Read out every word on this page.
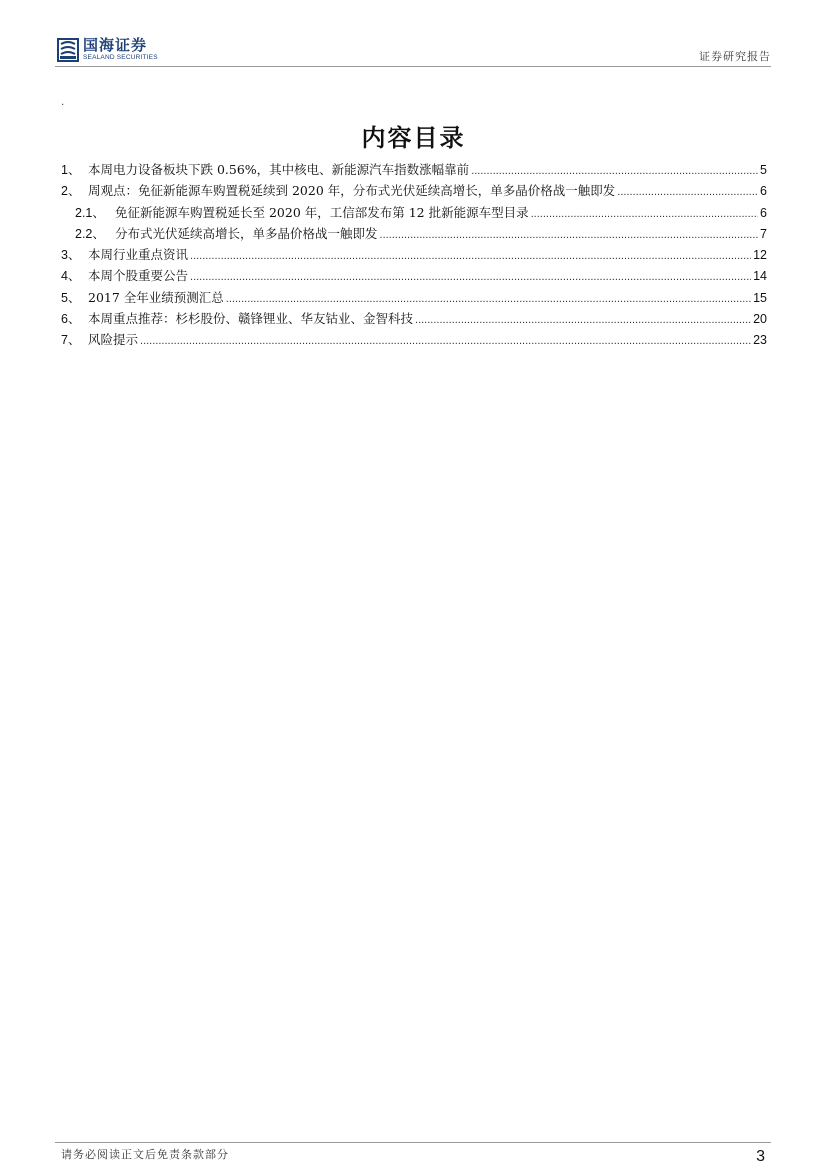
国海证券
SEALAND SECURITIES	证券研究报告
.
内容目录
1、 本周电力设备板块下跌 0.56%，其中核电、新能源汽车指数涨幅靠前 .....	5
2、 周观点：免征新能源车购置税延续到 2020 年，分布式光伏延续高增长，单多晶价格战一触即发 .....	6
2.1、 免征新能源车购置税延长至 2020 年，工信部发布第 12 批新能源车型目录 .....	6
2.2、 分布式光伏延续高增长，单多晶价格战一触即发 .....	7
3、 本周行业重点资讯 .....	12
4、 本周个股重要公告 .....	14
5、 2017 全年业绩预测汇总 .....	15
6、 本周重点推荐：杉杉股份、赣锋锂业、华友钴业、金智科技 .....	20
7、 风险提示 .....	23
请务必阅读正文后免责条款部分	3
